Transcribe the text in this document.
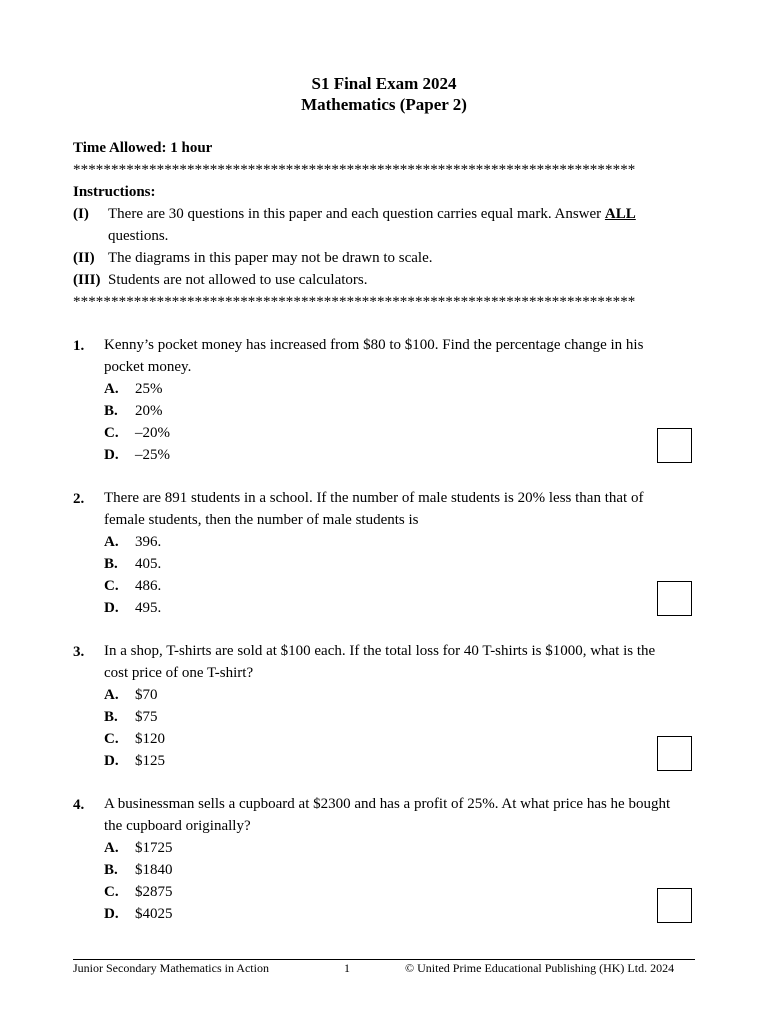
S1 Final Exam 2024
Mathematics (Paper 2)
Time Allowed: 1 hour
**************************************************************************
Instructions:
(I) There are 30 questions in this paper and each question carries equal mark. Answer ALL
questions.
(II) The diagrams in this paper may not be drawn to scale.
(III) Students are not allowed to use calculators.
**************************************************************************
1. Kenny’s pocket money has increased from $80 to $100. Find the percentage change in his pocket money.
A. 25%
B. 20%
C. –20%
D. –25%
2. There are 891 students in a school. If the number of male students is 20% less than that of female students, then the number of male students is
A. 396.
B. 405.
C. 486.
D. 495.
3. In a shop, T-shirts are sold at $100 each. If the total loss for 40 T-shirts is $1000, what is the cost price of one T-shirt?
A. $70
B. $75
C. $120
D. $125
4. A businessman sells a cupboard at $2300 and has a profit of 25%. At what price has he bought the cupboard originally?
A. $1725
B. $1840
C. $2875
D. $4025
Junior Secondary Mathematics in Action	1	© United Prime Educational Publishing (HK) Ltd. 2024
